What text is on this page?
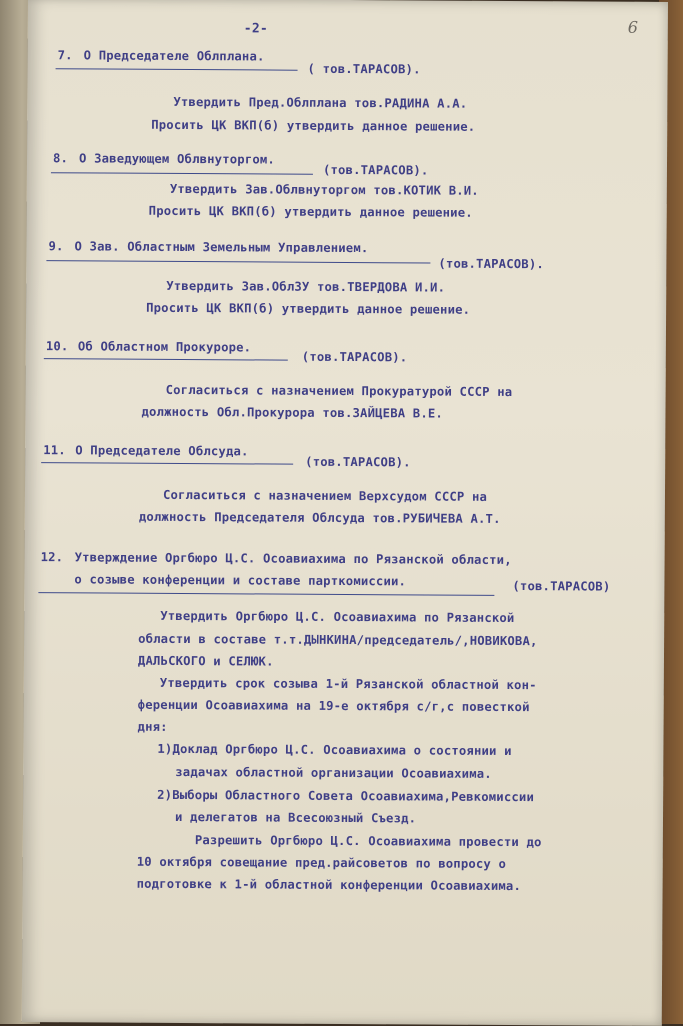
-2-	6
7. О Председателе Облплана.
( тов.ТАРАСОВ).
Утвердить Пред.Облплана тов.РАДИНА А.А.
Просить ЦК ВКП(б) утвердить данное решение.
8. О Заведующем Облвнуторгом.
(тов.ТАРАСОВ).
Утвердить Зав.Облвнуторгом тов.КОТИК В.И.
Просить ЦК ВКП(б) утвердить данное решение.
9. О Зав. Областным Земельным Управлением.
(тов.ТАРАСОВ).
Утвердить Зав.ОблЗУ тов.ТВЕРДОВА И.И.
Просить ЦК ВКП(б) утвердить данное решение.
10. Об Областном Прокуроре.
(тов.ТАРАСОВ).
Согласиться с назначением Прокуратурой СССР на
должность Обл.Прокурора тов.ЗАЙЦЕВА В.Е.
11. О Председателе Облсуда.
(тов.ТАРАСОВ).
Согласиться с назначением Верхсудом СССР на
должность Председателя Облсуда тов.РУБИЧЕВА А.Т.
12. Утверждение Оргбюро Ц.С. Осоавиахима по Рязанской области,
о созыве конференции и составе парткомиссии.	(тов.ТАРАСОВ)
Утвердить Оргбюро Ц.С. Осоавиахима по Рязанской
области в составе т.т.ДЫНКИНА/председатель/,НОВИКОВА,
ДАЛЬСКОГО и СЕЛЮК.
Утвердить срок созыва 1-й Рязанской областной кон-
ференции Осоавиахима на 19-е октября с/г,с повесткой
дня:
1)Доклад Оргбюро Ц.С. Осоавиахима о состоянии и
задачах областной организации Осоавиахима.
2)Выборы Областного Совета Осоавиахима,Ревкомиссии
и делегатов на Всесоюзный Съезд.
Разрешить Оргбюро Ц.С. Осоавиахима провести до
10 октября совещание пред.райсоветов по вопросу о
подготовке к 1-й областной конференции Осоавиахима.
